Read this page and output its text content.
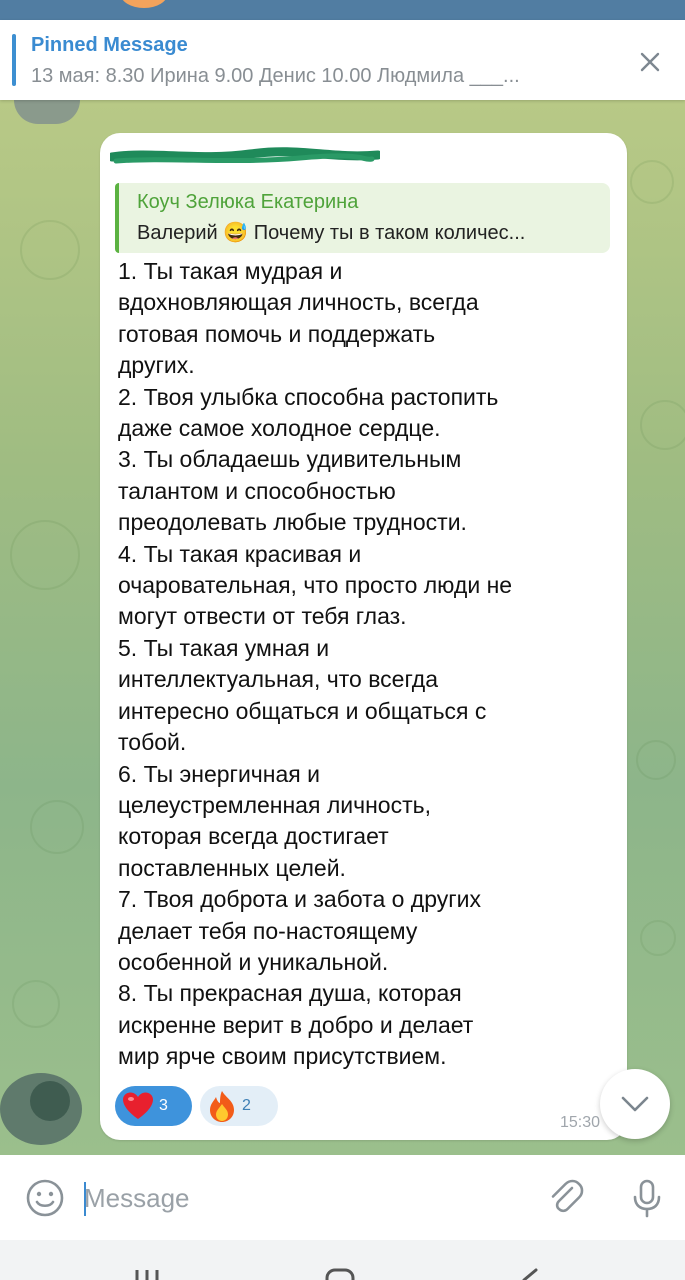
Pinned Message
13 мая: 8.30 Ирина 9.00 Денис 10.00 Людмила ___...
Коуч Зелюка Екатерина
Валерий 😅 Почему ты в таком количес...

1. Ты такая мудрая и

вдохновляющая личность, всегда

готовая помочь и поддержать

других.

2. Твоя улыбка способна растопить

даже самое холодное сердце.

3. Ты обладаешь удивительным

талантом и способностью

преодолевать любые трудности.

4. Ты такая красивая и

очаровательная, что просто люди не

могут отвести от тебя глаз.

5. Ты такая умная и

интеллектуальная, что всегда

интересно общаться и общаться с

тобой.

6. Ты энергичная и

целеустремленная личность,

которая всегда достигает

поставленных целей.

7. Твоя доброта и забота о других

делает тебя по-настоящему

особенной и уникальной.

8. Ты прекрасная душа, которая

искренне верит в добро и делает

мир ярче своим присутствием.

3	2
15:30
Message
